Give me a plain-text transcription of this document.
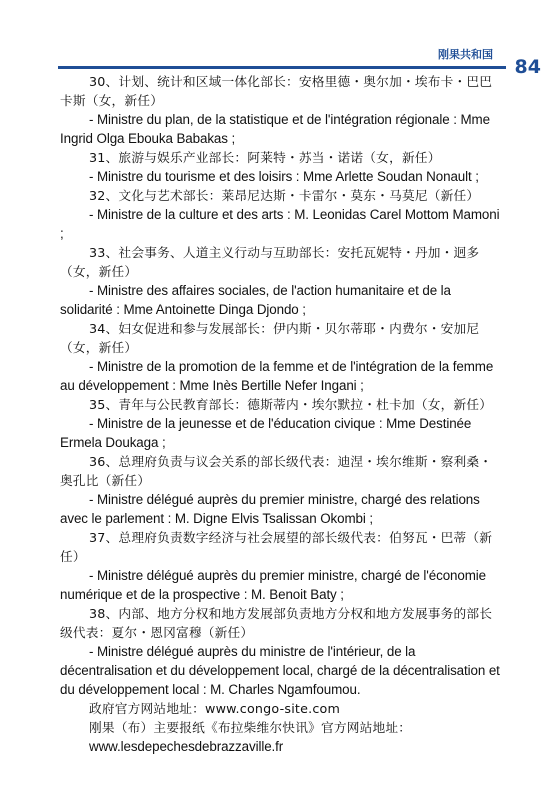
刚果共和国
84

30、计划、统计和区域一体化部长：安格里德・奥尔加・埃布卡・巴巴卡斯（女，新任）

- Ministre du plan, de la statistique et de l'intégration régionale : Mme Ingrid Olga Ebouka Babakas ;

31、旅游与娱乐产业部长：阿莱特・苏当・诺诺（女，新任）

- Ministre du tourisme et des loisirs : Mme Arlette Soudan Nonault ;

32、文化与艺术部长：莱昂尼达斯・卡雷尔・莫东・马莫尼（新任）

- Ministre de la culture et des arts : M. Leonidas Carel Mottom Mamoni ;

33、社会事务、人道主义行动与互助部长：安托瓦妮特・丹加・迥多（女，新任）

- Ministre des affaires sociales, de l'action humanitaire et de la solidarité : Mme Antoinette Dinga Djondo ;

34、妇女促进和参与发展部长：伊内斯・贝尔蒂耶・内费尔・安加尼（女，新任）

- Ministre de la promotion de la femme et de l'intégration de la femme au développement : Mme Inès Bertille Nefer Ingani ;

35、青年与公民教育部长：德斯蒂内・埃尔默拉・杜卡加（女，新任）

- Ministre de la jeunesse et de l'éducation civique : Mme Destinée Ermela Doukaga ;

36、总理府负责与议会关系的部长级代表：迪涅・埃尔维斯・察利桑・奥孔比（新任）

- Ministre délégué auprès du premier ministre, chargé des relations avec le parlement : M. Digne Elvis Tsalissan Okombi ;

37、总理府负责数字经济与社会展望的部长级代表：伯努瓦・巴蒂（新任）

- Ministre délégué auprès du premier ministre, chargé de l'économie numérique et de la prospective : M. Benoit Baty ;

38、内部、地方分权和地方发展部负责地方分权和地方发展事务的部长级代表：夏尔・恩冈富穆（新任）

- Ministre délégué auprès du ministre de l'intérieur, de la décentralisation et du développement local, chargé de la décentralisation et du développement local : M. Charles Ngamfoumou.

政府官方网站地址：www.congo-site.com

刚果（布）主要报纸《布拉柴维尔快讯》官方网站地址：

www.lesdepechesdebrazzaville.fr
